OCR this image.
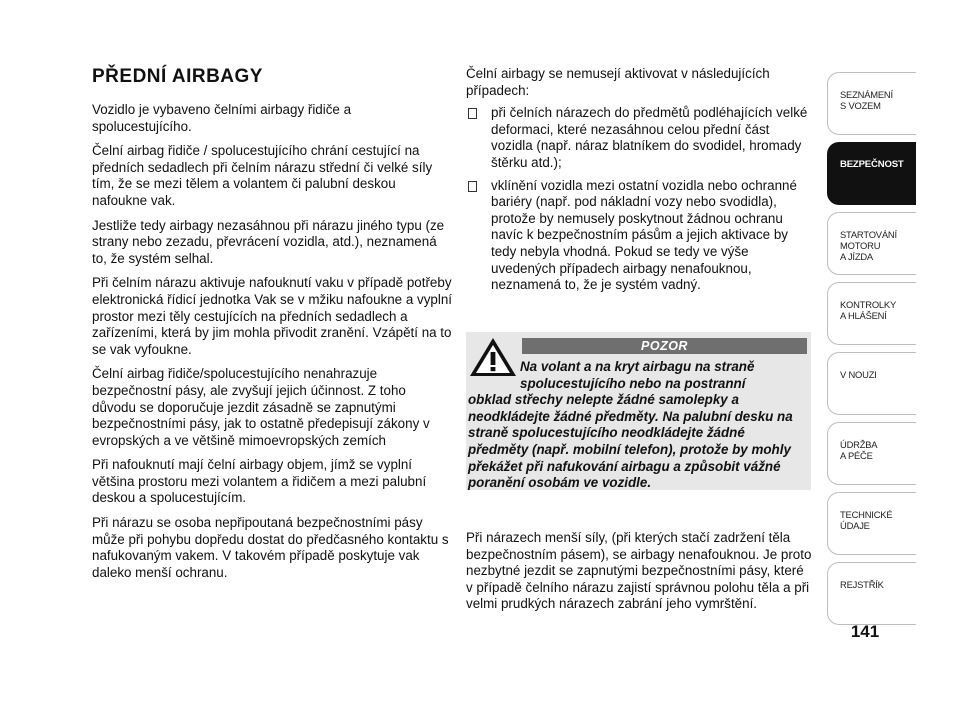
PŘEDNÍ AIRBAGY

Vozidlo je vybaveno čelními airbagy řidiče a spolucestujícího.

Čelní airbag řidiče / spolucestujícího chrání cestující na předních sedadlech při čelním nárazu střední či velké síly tím, že se mezi tělem a volantem či palubní deskou nafoukne vak.

Jestliže tedy airbagy nezasáhnou při nárazu jiného typu (ze strany nebo zezadu, převrácení vozidla, atd.), neznamená to, že systém selhal.

Při čelním nárazu aktivuje nafouknutí vaku v případě potřeby elektronická řídicí jednotka Vak se v mžiku nafoukne a vyplní prostor mezi těly cestujících na předních sedadlech a zařízeními, která by jim mohla přivodit zranění. Vzápětí na to se vak vyfoukne.

Čelní airbag řidiče/spolucestujícího nenahrazuje bezpečnostní pásy, ale zvyšují jejich účinnost. Z toho důvodu se doporučuje jezdit zásadně se zapnutými bezpečnostními pásy, jak to ostatně předepisují zákony v evropských a ve většině mimoevropských zemích

Při nafouknutí mají čelní airbagy objem, jímž se vyplní většina prostoru mezi volantem a řidičem a mezi palubní deskou a spolucestujícím.

Při nárazu se osoba nepřipoutaná bezpečnostními pásy může při pohybu dopředu dostat do předčasného kontaktu s nafukovaným vakem. V takovém případě poskytuje vak daleko menší ochranu.

Čelní airbagy se nemusejí aktivovat v následujících případech:

při čelních nárazech do předmětů podléhajících velké deformaci, které nezasáhnou celou přední část vozidla (např. náraz blatníkem do svodidel, hromady štěrku atd.);
vklínění vozidla mezi ostatní vozidla nebo ochranné bariéry (např. pod nákladní vozy nebo svodidla), protože by nemusely poskytnout žádnou ochranu navíc k bezpečnostním pásům a jejich aktivace by tedy nebyla vhodná. Pokud se tedy ve výše uvedených případech airbagy nenafouknou, neznamená to, že je systém vadný.
POZOR
Na volant a na kryt airbagu na straně spolucestujícího nebo na postranní
obklad střechy nelepte žádné samolepky a neodkládejte žádné předměty. Na palubní desku na straně spolucestujícího neodkládejte žádné předměty (např. mobilní telefon), protože by mohly překážet při nafukování airbagu a způsobit vážné poranění osobám ve vozidle.

Při nárazech menší síly, (při kterých stačí zadržení těla bezpečnostním pásem), se airbagy nenafouknou. Je proto nezbytné jezdit se zapnutými bezpečnostními pásy, které v případě čelního nárazu zajistí správnou polohu těla a při velmi prudkých nárazech zabrání jeho vymrštění.

SEZNÁMENÍ
S VOZEM
BEZPEČNOST
STARTOVÁNÍ
MOTORU
A JÍZDA
KONTROLKY
A HLÁŠENÍ
V NOUZI
ÚDRŽBA
A PÉČE
TECHNICKÉ
ÚDAJE
REJSTŘÍK
141
